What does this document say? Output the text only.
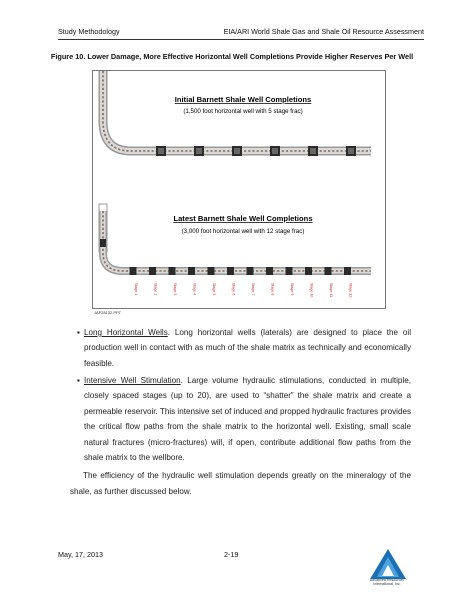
Study Methodology	EIA/ARI World Shale Gas and Shale Oil Resource Assessment
Figure 10. Lower Damage, More Effective Horizontal Well Completions Provide Higher Reserves Per Well
Initial Barnett Shale Well Completions
(1,500 foot horizontal well with 5 stage frac)
Latest Barnett Shale Well Completions
(3,000 foot horizontal well with 12 stage frac)
Stage 1	Stage 2	Stage 3	Stage 4	Stage 5	Stage 6	Stage 7	Stage 8	Stage 9	Stage 10	Stage 11	Stage 12
JAF28132.PPT
▪ Long Horizontal Wells. Long horizontal wells (laterals) are designed to place the oil production well in contact with as much of the shale matrix as technically and economically feasible.
▪ Intensive Well Stimulation. Large volume hydraulic stimulations, conducted in multiple, closely spaced stages (up to 20), are used to “shatter” the shale matrix and create a permeable reservoir. This intensive set of induced and propped hydraulic fractures provides the critical flow paths from the shale matrix to the horizontal well. Existing, small scale natural fractures (micro-fractures) will, if open, contribute additional flow paths from the shale matrix to the wellbore.
The efficiency of the hydraulic well stimulation depends greatly on the mineralogy of the shale, as further discussed below.
May, 17, 2013	2-19
Advanced Resources
International, Inc.
